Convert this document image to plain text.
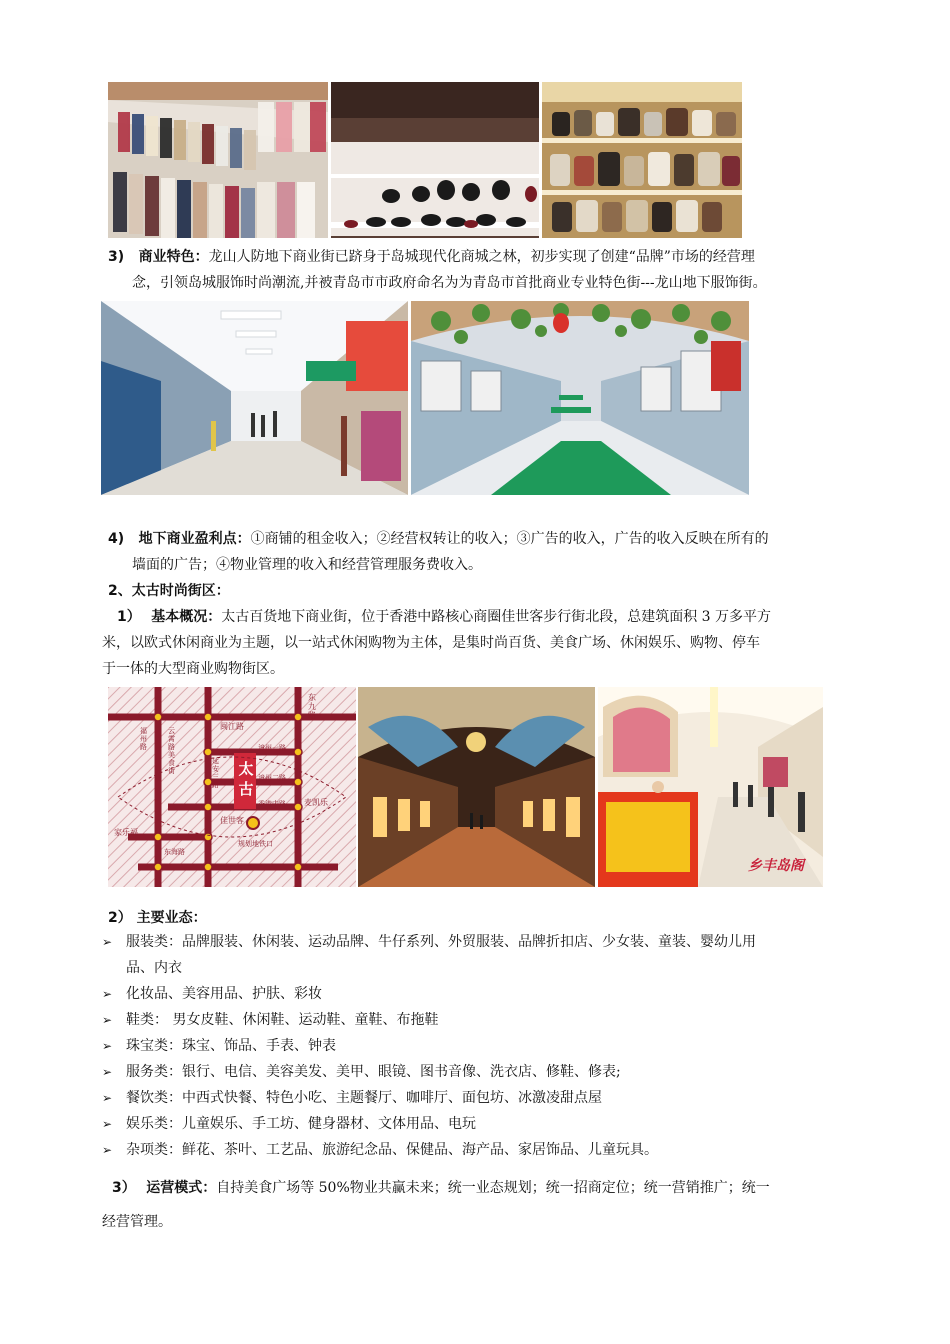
3) 商业特色：龙山人防地下商业街已跻身于岛城现代化商城之林，初步实现了创建“品牌”市场的经营理
念，引领岛城服饰时尚潮流,并被青岛市市政府命名为为青岛市首批商业专业特色街---龙山地下服饰街。
4) 地下商业盈利点：①商铺的租金收入；②经营权转让的收入；③广告的收入，广告的收入反映在所有的
墙面的广告；④物业管理的收入和经营管理服务费收入。
2、太古时尚街区：
1） 基本概况：太古百货地下商业街，位于香港中路核心商圈佳世客步行街北段，总建筑面积 3 万多平方
米，以欧式休闲商业为主题，以一站式休闲购物为主体，是集时尚百货、美食广场、休闲娱乐、购物、停车
于一体的大型商业购物街区。
太古
闽江路
东九路
漳州一路
漳州二路
香港中路
佳世客
东海路
规划地铁口
麦凯乐
家乐福
云霄路美食街
延安三路
福州路
乡丰岛阁
2） 主要业态：
➢ 服装类：品牌服装、休闲装、运动品牌、牛仔系列、外贸服装、品牌折扣店、少女装、童装、婴幼儿用
品、内衣
➢ 化妆品、美容用品、护肤、彩妆
➢ 鞋类： 男女皮鞋、休闲鞋、运动鞋、童鞋、布拖鞋
➢ 珠宝类：珠宝、饰品、手表、钟表
➢ 服务类：银行、电信、美容美发、美甲、眼镜、图书音像、洗衣店、修鞋、修表;
➢ 餐饮类：中西式快餐、特色小吃、主题餐厅、咖啡厅、面包坊、冰激凌甜点屋
➢ 娱乐类：儿童娱乐、手工坊、健身器材、文体用品、电玩
➢ 杂项类：鲜花、茶叶、工艺品、旅游纪念品、保健品、海产品、家居饰品、儿童玩具。
3） 运营模式：自持美食广场等 50%物业共赢未来；统一业态规划；统一招商定位；统一营销推广；统一
经营管理。
